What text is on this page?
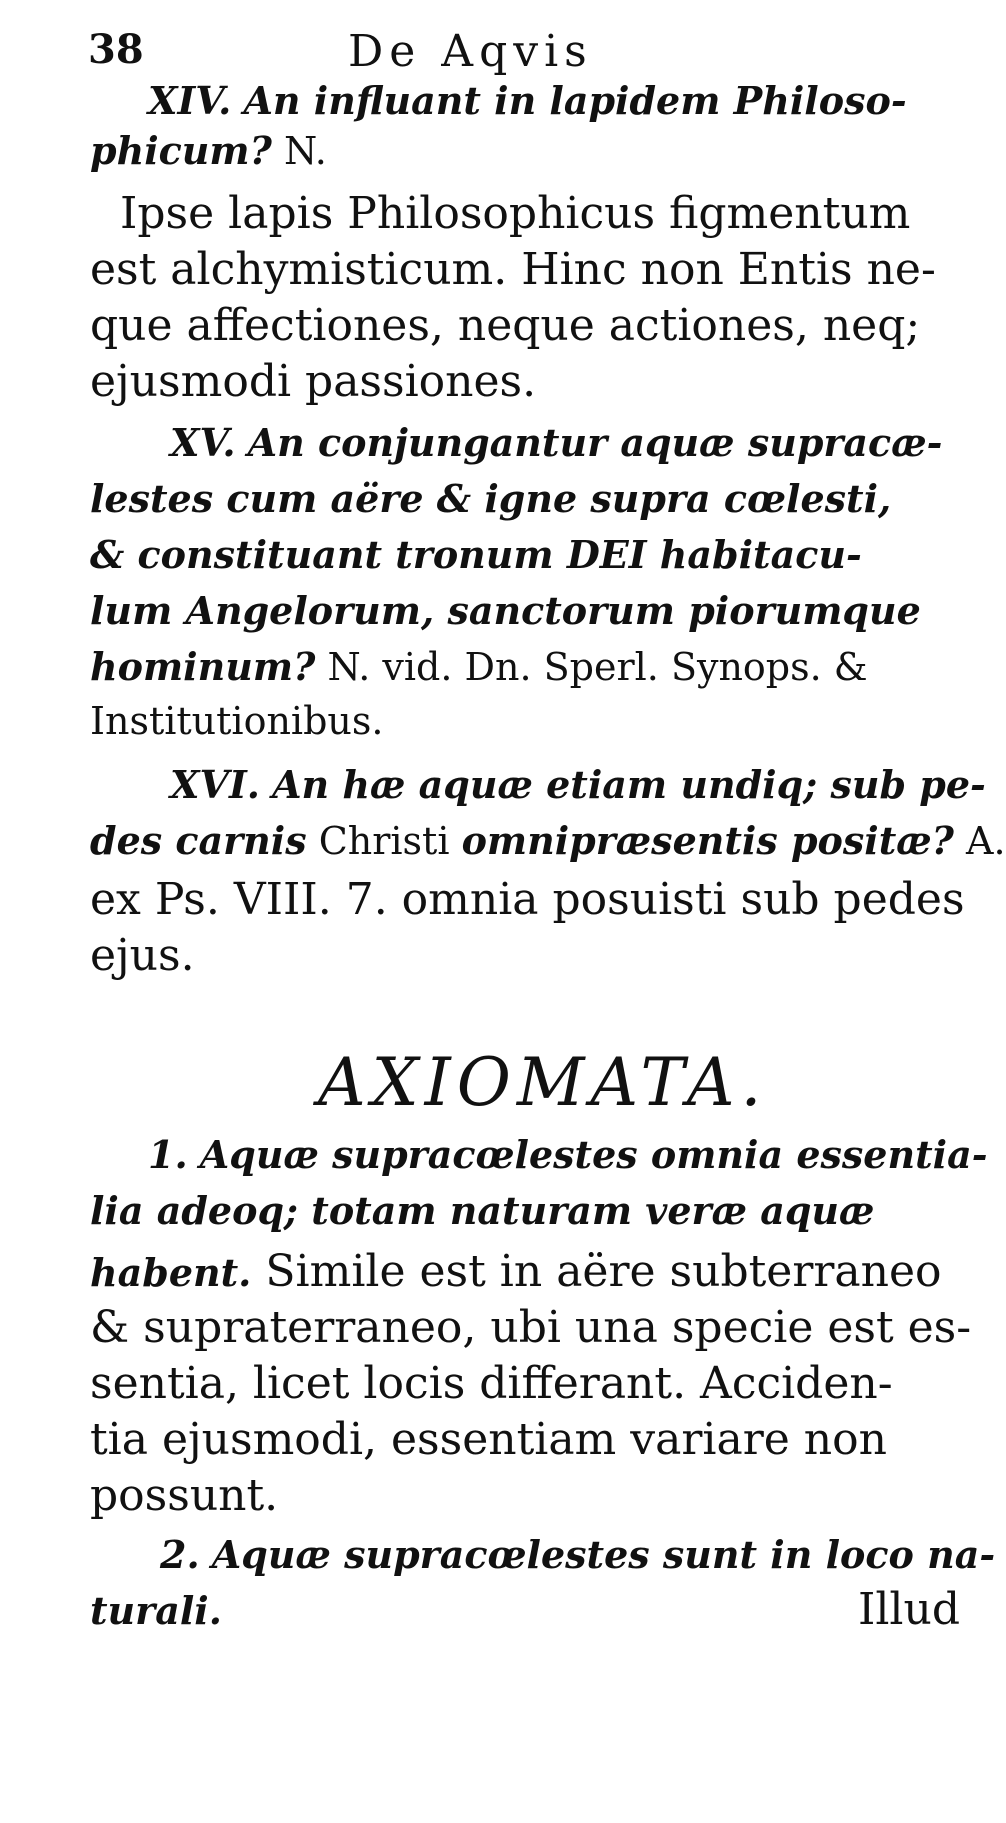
38	De Aqvis
XIV. An influant in lapidem Philoso-
phicum? N.
Ipse lapis Philosophicus figmentum
est alchymisticum. Hinc non Entis ne-
que affectiones, neque actiones, neq;
ejusmodi passiones.
XV. An conjungantur aquæ supracæ-
lestes cum aëre & igne supra cœlesti,
& constituant tronum DEI habitacu-
lum Angelorum, sanctorum piorumque
hominum? N. vid. Dn. Sperl. Synops. &
Institutionibus.
XVI. An hæ aquæ etiam undiq; sub pe-
des carnis Christi omnipræsentis positæ? A.
ex Ps. VIII. 7. omnia posuisti sub pedes
ejus.
AXIOMATA.
1. Aquæ supracœlestes omnia essentia-
lia adeoq; totam naturam veræ aquæ
habent. Simile est in aëre subterraneo
& supraterraneo, ubi una specie est es-
sentia, licet locis differant. Acciden-
tia ejusmodi, essentiam variare non
possunt.
2. Aquæ supracœlestes sunt in loco na-
turali.	Illud
